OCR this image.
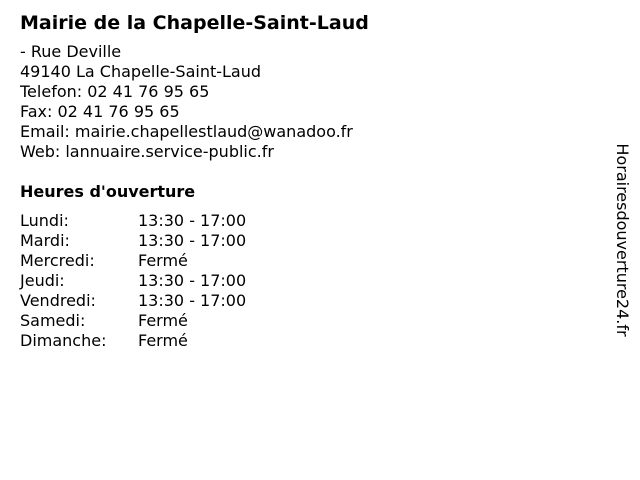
Mairie de la Chapelle-Saint-Laud
- Rue Deville
49140 La Chapelle-Saint-Laud
Telefon: 02 41 76 95 65
Fax: 02 41 76 95 65
Email: mairie.chapellestlaud@wanadoo.fr
Web: lannuaire.service-public.fr
Heures d'ouverture
Lundi:	13:30 - 17:00
Mardi:	13:30 - 17:00
Mercredi:	Fermé
Jeudi:	13:30 - 17:00
Vendredi:	13:30 - 17:00
Samedi:	Fermé
Dimanche:	Fermé
Horairesdouverture24.fr
